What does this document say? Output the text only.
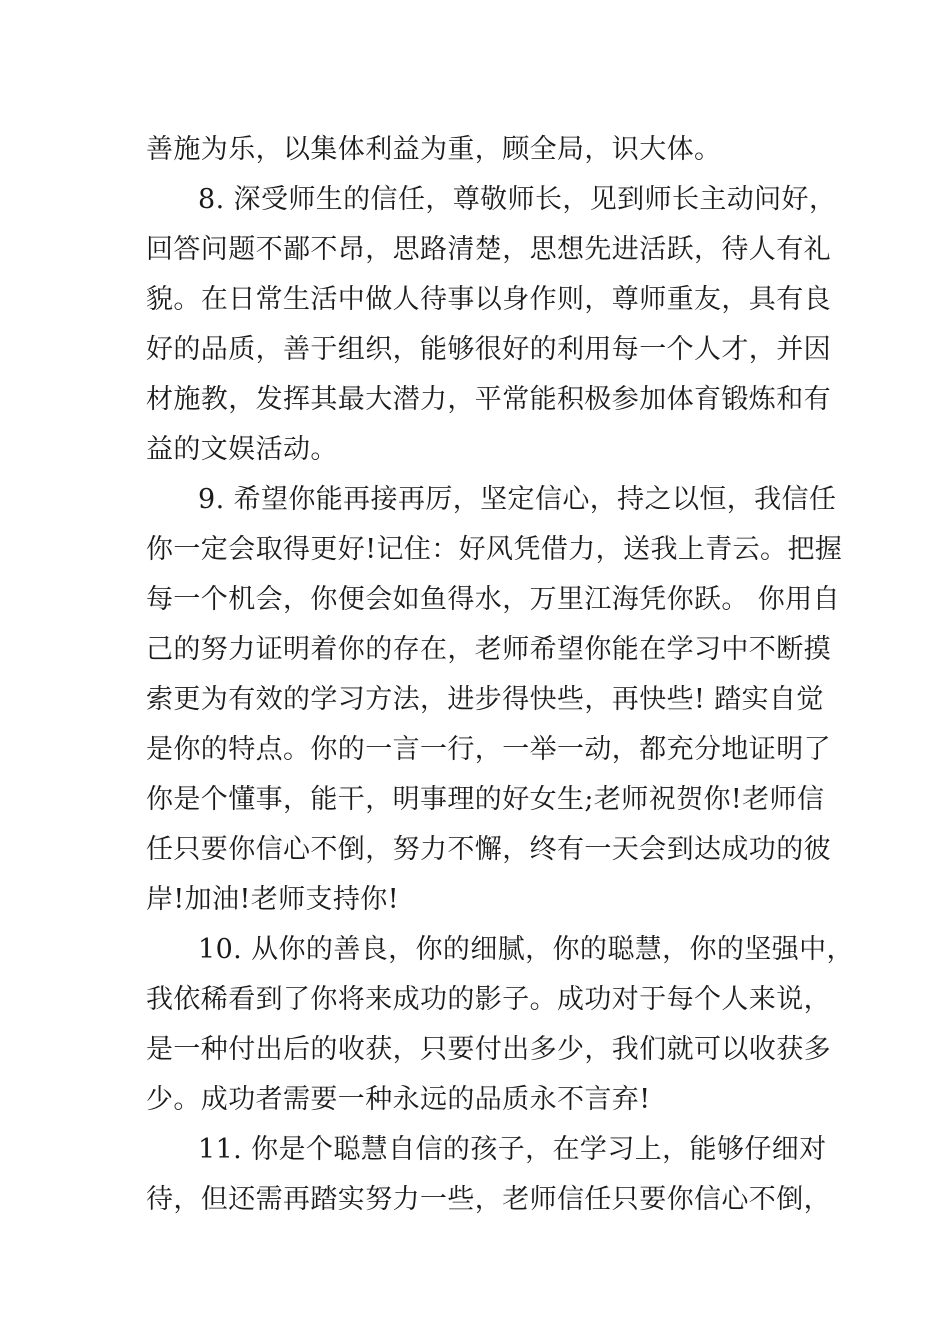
善施为乐，以集体利益为重，顾全局，识大体。
8. 深受师生的信任，尊敬师长，见到师长主动问好，
回答问题不鄙不昂，思路清楚，思想先进活跃，待人有礼
貌。在日常生活中做人待事以身作则，尊师重友，具有良
好的品质，善于组织，能够很好的利用每一个人才，并因
材施教，发挥其最大潜力，平常能积极参加体育锻炼和有
益的文娱活动。
9. 希望你能再接再厉，坚定信心，持之以恒，我信任
你一定会取得更好!记住：好风凭借力，送我上青云。把握
每一个机会，你便会如鱼得水，万里江海凭你跃。 你用自
己的努力证明着你的存在，老师希望你能在学习中不断摸
索更为有效的学习方法，进步得快些，再快些! 踏实自觉
是你的特点。你的一言一行，一举一动，都充分地证明了
你是个懂事，能干，明事理的好女生;老师祝贺你!老师信
任只要你信心不倒，努力不懈，终有一天会到达成功的彼
岸!加油!老师支持你!
10. 从你的善良，你的细腻，你的聪慧，你的坚强中，
我依稀看到了你将来成功的影子。成功对于每个人来说，
是一种付出后的收获，只要付出多少，我们就可以收获多
少。成功者需要一种永远的品质永不言弃!
11. 你是个聪慧自信的孩子，在学习上，能够仔细对
待，但还需再踏实努力一些，老师信任只要你信心不倒，
